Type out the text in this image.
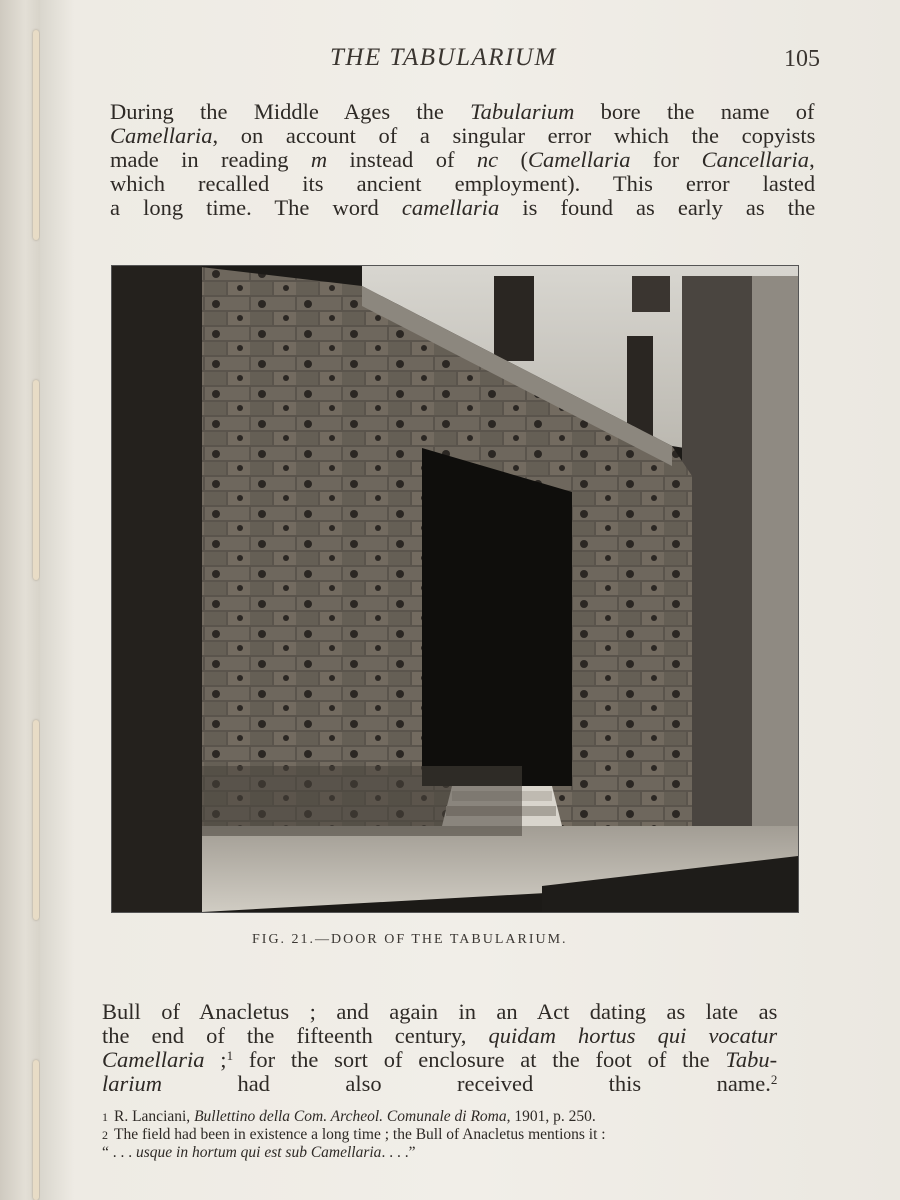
THE TABULARIUM	105
During the Middle Ages the Tabularium bore the name of
Camellaria, on account of a singular error which the copyists
made in reading m instead of nc (Camellaria for Cancellaria,
which recalled its ancient employment). This error lasted
a long time. The word camellaria is found as early as the
FIG. 21.—DOOR OF THE TABULARIUM.
Bull of Anacletus ; and again in an Act dating as late as
the end of the fifteenth century, quidam hortus qui vocatur
Camellaria ;$^1$ for the sort of enclosure at the foot of the Tabu-
larium had also received this name.$^2$
1 R. Lanciani, Bullettino della Com. Archeol. Comunale di Roma, 1901, p. 250.
2 The field had been in existence a long time ; the Bull of Anacletus mentions it :
“ . . . usque in hortum qui est sub Camellaria. . . .”
